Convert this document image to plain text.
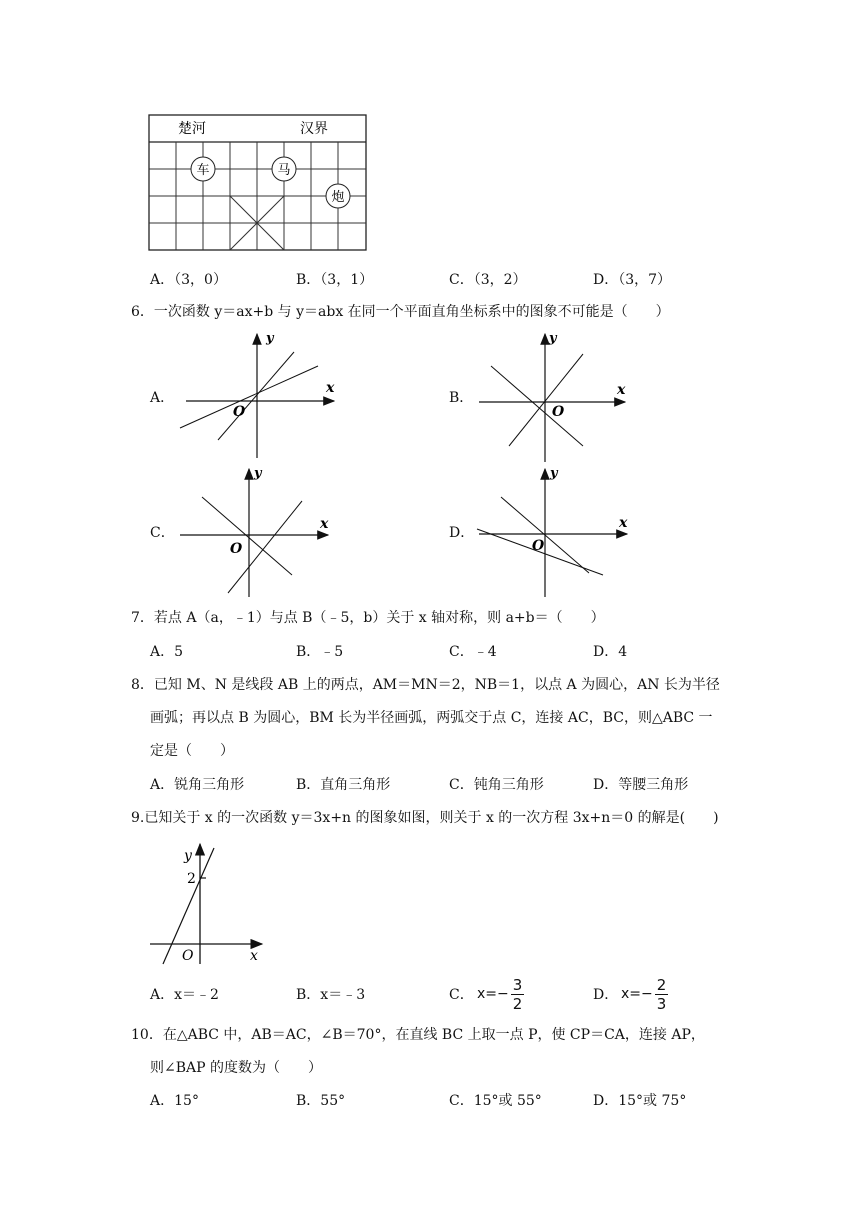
楚河	汉界
车	马
炮
A．（3，0）	B．（3，1）	C．（3，2）	D．（3，7）
6．一次函数 y＝ax+b 与 y＝abx 在同一个平面直角坐标系中的图象不可能是（　　）
A．
y
x
O
B．
y
x
O
C．
y
x
O
D．
y
x
O
7．若点 A（a，﹣1）与点 B（﹣5，b）关于 x 轴对称，则 a+b＝（　　）
A．5	B．﹣5	C．﹣4	D．4
8．已知 M、N 是线段 AB 上的两点，AM＝MN＝2，NB＝1，以点 A 为圆心，AN 长为半径
画弧；再以点 B 为圆心，BM 长为半径画弧，两弧交于点 C，连接 AC，BC，则△ABC 一
定是（　　）
A．锐角三角形	B．直角三角形	C．钝角三角形	D．等腰三角形
9.已知关于 x 的一次函数 y＝3x+n 的图象如图，则关于 x 的一次方程 3x+n＝0 的解是(　　)
y
2
O	x
A．x＝﹣2	B．x＝﹣3	C． $x=- \frac{3}{2}$	D． $x=- \frac{2}{3}$
10．在△ABC 中，AB＝AC，∠B＝70°，在直线 BC 上取一点 P，使 CP＝CA，连接 AP，
则∠BAP 的度数为（　　）
A．15°	B．55°	C．15°或 55°	D．15°或 75°
